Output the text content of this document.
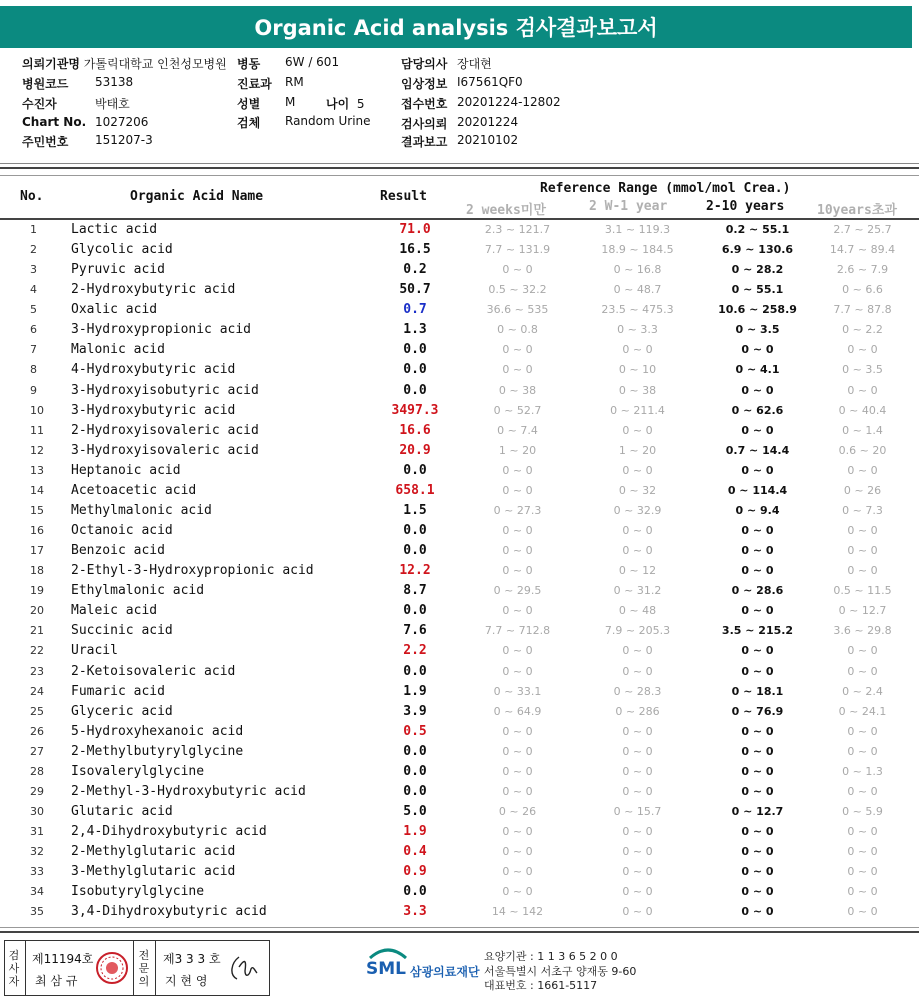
Organic Acid analysis 검사결과보고서
의뢰기관명 가톨릭대학교 인천성모병원
병원코드 53138
수진자	박태호
Chart No. 1027206
주민번호 151207-3
병동 6W / 601
진료과 RM
성별 M	나이 5
검체 Random Urine
담당의사 장대현
임상정보 I67561QF0
접수번호 20201224-12802
검사의뢰 20201224
결과보고 20210102
No.	Organic Acid Name	Result
Reference Range (mmol/mol Crea.)
2 weeks미만	2 W-1 year	2-10 years	10years초과
1	Lactic acid	71.0	2.3 ~ 121.7	3.1 ~ 119.3	0.2 ~ 55.1	2.7 ~ 25.7
2	Glycolic acid	16.5	7.7 ~ 131.9	18.9 ~ 184.5	6.9 ~ 130.6	14.7 ~ 89.4
3	Pyruvic acid	0.2	0 ~ 0	0 ~ 16.8	0 ~ 28.2	2.6 ~ 7.9
4	2-Hydroxybutyric acid	50.7	0.5 ~ 32.2	0 ~ 48.7	0 ~ 55.1	0 ~ 6.6
5	Oxalic acid	0.7	36.6 ~ 535	23.5 ~ 475.3	10.6 ~ 258.9	7.7 ~ 87.8
6	3-Hydroxypropionic acid	1.3	0 ~ 0.8	0 ~ 3.3	0 ~ 3.5	0 ~ 2.2
7	Malonic acid	0.0	0 ~ 0	0 ~ 0	0 ~ 0	0 ~ 0
8	4-Hydroxybutyric acid	0.0	0 ~ 0	0 ~ 10	0 ~ 4.1	0 ~ 3.5
9	3-Hydroxyisobutyric acid	0.0	0 ~ 38	0 ~ 38	0 ~ 0	0 ~ 0
10 3-Hydroxybutyric acid	3497.3	0 ~ 52.7	0 ~ 211.4	0 ~ 62.6	0 ~ 40.4
11 2-Hydroxyisovaleric acid	16.6	0 ~ 7.4	0 ~ 0	0 ~ 0	0 ~ 1.4
12 3-Hydroxyisovaleric acid	20.9	1 ~ 20	1 ~ 20	0.7 ~ 14.4	0.6 ~ 20
13 Heptanoic acid	0.0	0 ~ 0	0 ~ 0	0 ~ 0	0 ~ 0
14 Acetoacetic acid	658.1	0 ~ 0	0 ~ 32	0 ~ 114.4	0 ~ 26
15 Methylmalonic acid	1.5	0 ~ 27.3	0 ~ 32.9	0 ~ 9.4	0 ~ 7.3
16 Octanoic acid	0.0	0 ~ 0	0 ~ 0	0 ~ 0	0 ~ 0
17 Benzoic acid	0.0	0 ~ 0	0 ~ 0	0 ~ 0	0 ~ 0
18 2-Ethyl-3-Hydroxypropionic acid	12.2	0 ~ 0	0 ~ 12	0 ~ 0	0 ~ 0
19 Ethylmalonic acid	8.7	0 ~ 29.5	0 ~ 31.2	0 ~ 28.6	0.5 ~ 11.5
20 Maleic acid	0.0	0 ~ 0	0 ~ 48	0 ~ 0	0 ~ 12.7
21 Succinic acid	7.6	7.7 ~ 712.8	7.9 ~ 205.3	3.5 ~ 215.2	3.6 ~ 29.8
22 Uracil	2.2	0 ~ 0	0 ~ 0	0 ~ 0	0 ~ 0
23 2-Ketoisovaleric acid	0.0	0 ~ 0	0 ~ 0	0 ~ 0	0 ~ 0
24 Fumaric acid	1.9	0 ~ 33.1	0 ~ 28.3	0 ~ 18.1	0 ~ 2.4
25 Glyceric acid	3.9	0 ~ 64.9	0 ~ 286	0 ~ 76.9	0 ~ 24.1
26 5-Hydroxyhexanoic acid	0.5	0 ~ 0	0 ~ 0	0 ~ 0	0 ~ 0
27 2-Methylbutyrylglycine	0.0	0 ~ 0	0 ~ 0	0 ~ 0	0 ~ 0
28 Isovalerylglycine	0.0	0 ~ 0	0 ~ 0	0 ~ 0	0 ~ 1.3
29 2-Methyl-3-Hydroxybutyric acid	0.0	0 ~ 0	0 ~ 0	0 ~ 0	0 ~ 0
30 Glutaric acid	5.0	0 ~ 26	0 ~ 15.7	0 ~ 12.7	0 ~ 5.9
31 2,4-Dihydroxybutyric acid	1.9	0 ~ 0	0 ~ 0	0 ~ 0	0 ~ 0
32 2-Methylglutaric acid	0.4	0 ~ 0	0 ~ 0	0 ~ 0	0 ~ 0
33 3-Methylglutaric acid	0.9	0 ~ 0	0 ~ 0	0 ~ 0	0 ~ 0
34 Isobutyrylglycine	0.0	0 ~ 0	0 ~ 0	0 ~ 0	0 ~ 0
35 3,4-Dihydroxybutyric acid	3.3	14 ~ 142	0 ~ 0	0 ~ 0	0 ~ 0
검
사
자
제11194호
최 삼 규
전
문
의
제3 3 3 호
지 현 영
SML 삼광의료재단
요양기관 : 1 1 3 6 5 2 0 0
서울특별시 서초구 양재동 9-60
대표번호 : 1661-5117
